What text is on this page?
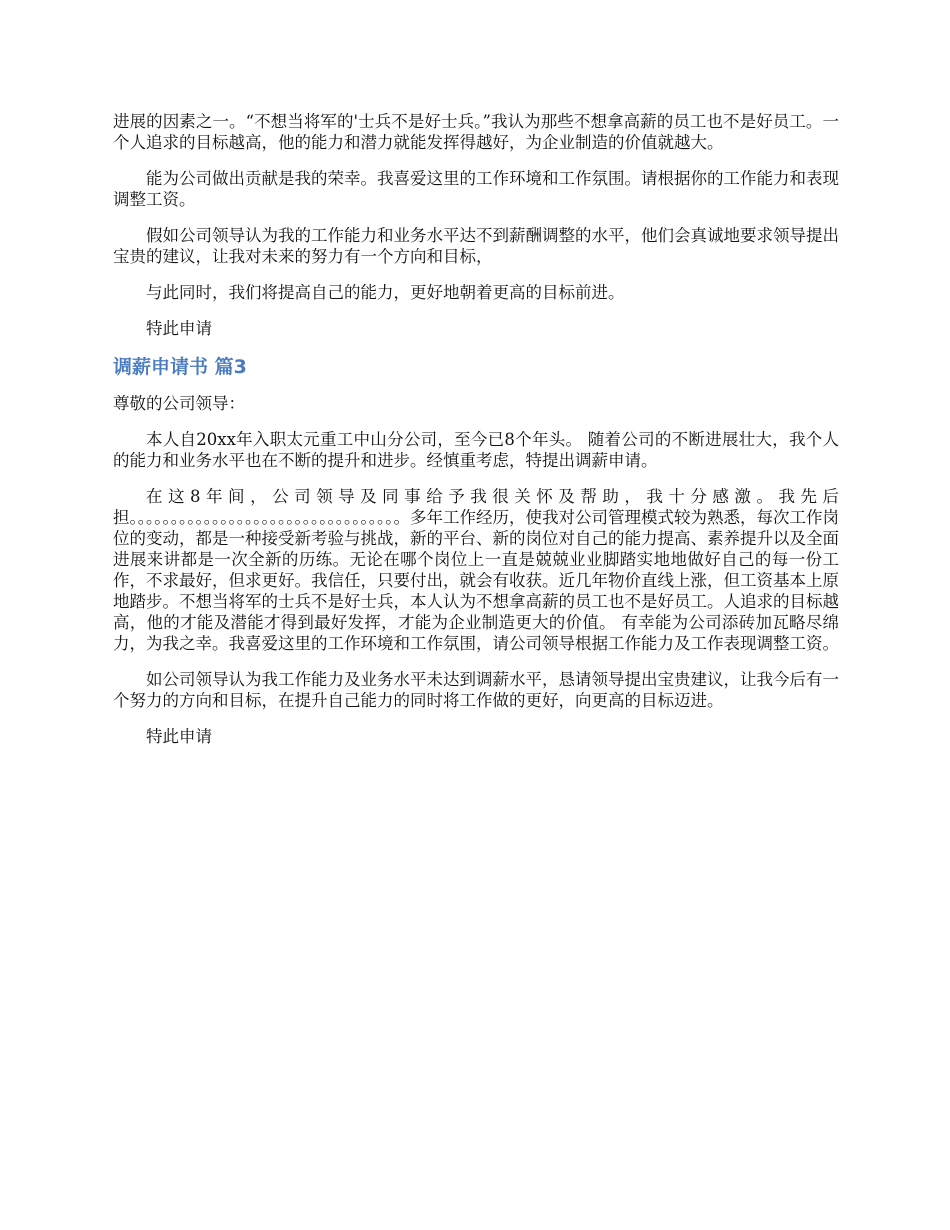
进展的因素之一。“不想当将军的'士兵不是好士兵。”我认为那些不想拿高薪的员工也不是好员工。一个人追求的目标越高，他的能力和潜力就能发挥得越好，为企业制造的价值就越大。

能为公司做出贡献是我的荣幸。我喜爱这里的工作环境和工作氛围。请根据你的工作能力和表现调整工资。

假如公司领导认为我的工作能力和业务水平达不到薪酬调整的水平，他们会真诚地要求领导提出宝贵的建议，让我对未来的努力有一个方向和目标，

与此同时，我们将提高自己的能力，更好地朝着更高的目标前进。

特此申请

调薪申请书 篇3

尊敬的公司领导：

本人自20xx年入职太元重工中山分公司，至今已8个年头。 随着公司的不断进展壮大，我个人的能力和业务水平也在不断的提升和进步。经慎重考虑，特提出调薪申请。

在这8年间，公司领导及同事给予我很关怀及帮助，我十分感激。我先后担。。。。。。。。。。。。。。。。。。。。。。。。。。。。。。。。。多年工作经历，使我对公司管理模式较为熟悉，每次工作岗位的变动，都是一种接受新考验与挑战，新的平台、新的岗位对自己的能力提高、素养提升以及全面进展来讲都是一次全新的历练。无论在哪个岗位上一直是兢兢业业脚踏实地地做好自己的每一份工作，不求最好，但求更好。我信任，只要付出，就会有收获。近几年物价直线上涨，但工资基本上原地踏步。不想当将军的士兵不是好士兵，本人认为不想拿高薪的员工也不是好员工。人追求的目标越高，他的才能及潜能才得到最好发挥，才能为企业制造更大的价值。 有幸能为公司添砖加瓦略尽绵力，为我之幸。我喜爱这里的工作环境和工作氛围，请公司领导根据工作能力及工作表现调整工资。

如公司领导认为我工作能力及业务水平未达到调薪水平，恳请领导提出宝贵建议，让我今后有一个努力的方向和目标，在提升自己能力的同时将工作做的更好，向更高的目标迈进。

特此申请
